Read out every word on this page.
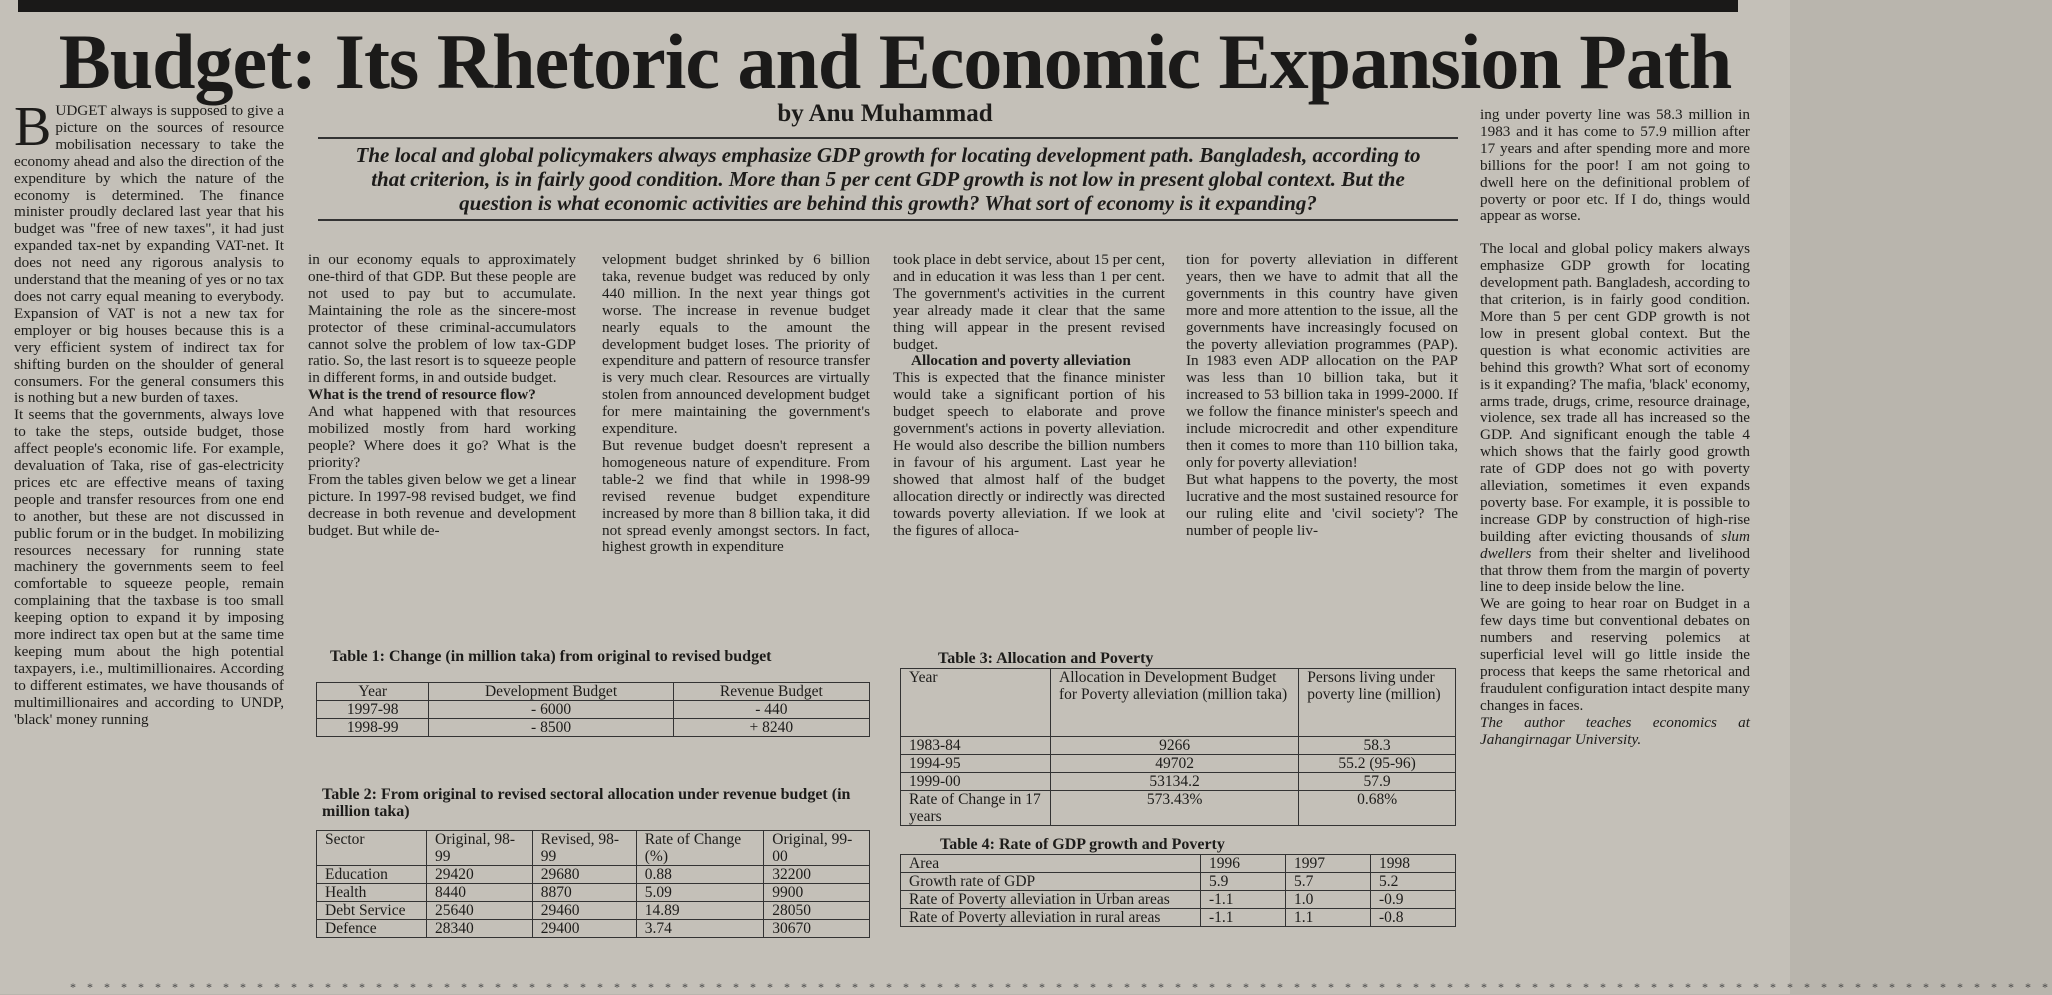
Budget: Its Rhetoric and Economic Expansion Path
by Anu Muhammad
The local and global policymakers always emphasize GDP growth for locating development path. Bangladesh, according to that criterion, is in fairly good condition. More than 5 per cent GDP growth is not low in present global context. But the question is what economic activities are behind this growth? What sort of economy is it expanding?

BUDGET always is supposed to give a picture on the sources of resource mobilisation necessary to take the economy ahead and also the direction of the expenditure by which the nature of the economy is determined. The finance minister proudly declared last year that his budget was "free of new taxes", it had just expanded tax-net by expanding VAT-net. It does not need any rigorous analysis to understand that the meaning of yes or no tax does not carry equal meaning to everybody. Expansion of VAT is not a new tax for employer or big houses because this is a very efficient system of indirect tax for shifting burden on the shoulder of general consumers. For the general consumers this is nothing but a new burden of taxes.

It seems that the governments, always love to take the steps, outside budget, those affect people's economic life. For example, devaluation of Taka, rise of gas-electricity prices etc are effective means of taxing people and transfer resources from one end to another, but these are not discussed in public forum or in the budget. In mobilizing resources necessary for running state machinery the governments seem to feel comfortable to squeeze people, remain complaining that the taxbase is too small keeping option to expand it by imposing more indirect tax open but at the same time keeping mum about the high potential taxpayers, i.e., multimillionaires. According to different estimates, we have thousands of multimillionaires and according to UNDP, 'black' money running

in our economy equals to approximately one-third of that GDP. But these people are not used to pay but to accumulate. Maintaining the role as the sincere-most protector of these criminal-accumulators cannot solve the problem of low tax-GDP ratio. So, the last resort is to squeeze people in different forms, in and outside budget.

What is the trend of resource flow?

And what happened with that resources mobilized mostly from hard working people? Where does it go? What is the priority?

From the tables given below we get a linear picture. In 1997-98 revised budget, we find decrease in both revenue and development budget. But while de-

velopment budget shrinked by 6 billion taka, revenue budget was reduced by only 440 million. In the next year things got worse. The increase in revenue budget nearly equals to the amount the development budget loses. The priority of expenditure and pattern of resource transfer is very much clear. Resources are virtually stolen from announced development budget for mere maintaining the government's expenditure.

But revenue budget doesn't represent a homogeneous nature of expenditure. From table-2 we find that while in 1998-99 revised revenue budget expenditure increased by more than 8 billion taka, it did not spread evenly amongst sectors. In fact, highest growth in expenditure

took place in debt service, about 15 per cent, and in education it was less than 1 per cent. The government's activities in the current year already made it clear that the same thing will appear in the present revised budget.

Allocation and poverty alleviation

This is expected that the finance minister would take a significant portion of his budget speech to elaborate and prove government's actions in poverty alleviation. He would also describe the billion numbers in favour of his argument. Last year he showed that almost half of the budget allocation directly or indirectly was directed towards poverty alleviation. If we look at the figures of alloca-

tion for poverty alleviation in different years, then we have to admit that all the governments in this country have given more and more attention to the issue, all the governments have increasingly focused on the poverty alleviation programmes (PAP). In 1983 even ADP allocation on the PAP was less than 10 billion taka, but it increased to 53 billion taka in 1999-2000. If we follow the finance minister's speech and include microcredit and other expenditure then it comes to more than 110 billion taka, only for poverty alleviation!

But what happens to the poverty, the most lucrative and the most sustained resource for our ruling elite and 'civil society'? The number of people liv-

ing under poverty line was 58.3 million in 1983 and it has come to 57.9 million after 17 years and after spending more and more billions for the poor! I am not going to dwell here on the definitional problem of poverty or poor etc. If I do, things would appear as worse.

The local and global policy makers always emphasize GDP growth for locating development path. Bangladesh, according to that criterion, is in fairly good condition. More than 5 per cent GDP growth is not low in present global context. But the question is what economic activities are behind this growth? What sort of economy is it expanding? The mafia, 'black' economy, arms trade, drugs, crime, resource drainage, violence, sex trade all has increased so the GDP. And significant enough the table 4 which shows that the fairly good growth rate of GDP does not go with poverty alleviation, sometimes it even expands poverty base. For example, it is possible to increase GDP by construction of high-rise building after evicting thousands of slum dwellers from their shelter and livelihood that throw them from the margin of poverty line to deep inside below the line.

We are going to hear roar on Budget in a few days time but conventional debates on numbers and reserving polemics at superficial level will go little inside the process that keeps the same rhetorical and fraudulent configuration intact despite many changes in faces.

The author teaches economics at Jahangirnagar University.

Table 1: Change (in million taka) from original to revised budget
Year	Development Budget	Revenue Budget
1997-98	- 6000	- 440
1998-99	- 8500	+ 8240
Table 2: From original to revised sectoral allocation under revenue budget (in million taka)
Sector	Original, 98-99	Revised, 98-99	Rate of Change (%)	Original, 99-00
Education	29420	29680	0.88	32200
Health	8440	8870	5.09	9900
Debt Service	25640	29460	14.89	28050
Defence	28340	29400	3.74	30670
Table 3: Allocation and Poverty
Year	Allocation in Development Budget for Poverty alleviation (million taka)	Persons living under poverty line (million)
1983-84	9266	58.3
1994-95	49702	55.2 (95-96)
1999-00	53134.2	57.9
Rate of Change in 17 years	573.43%	0.68%
Table 4: Rate of GDP growth and Poverty
Area	1996	1997	1998
Growth rate of GDP	5.9	5.7	5.2
Rate of Poverty alleviation in Urban areas	-1.1	1.0	-0.9
Rate of Poverty alleviation in rural areas	-1.1	1.1	-0.8
* * * * * * * * * * * * * * * * * * * * * * * * * * * * * * * * * * * * * * * * * * * * * * * * * * * * * * * * * * * * * * * * * * * * * * * * * * * * * * * * * * * * * * * * * * * * * * * * * * * * * * * * * * * * * * * * * * * * *
